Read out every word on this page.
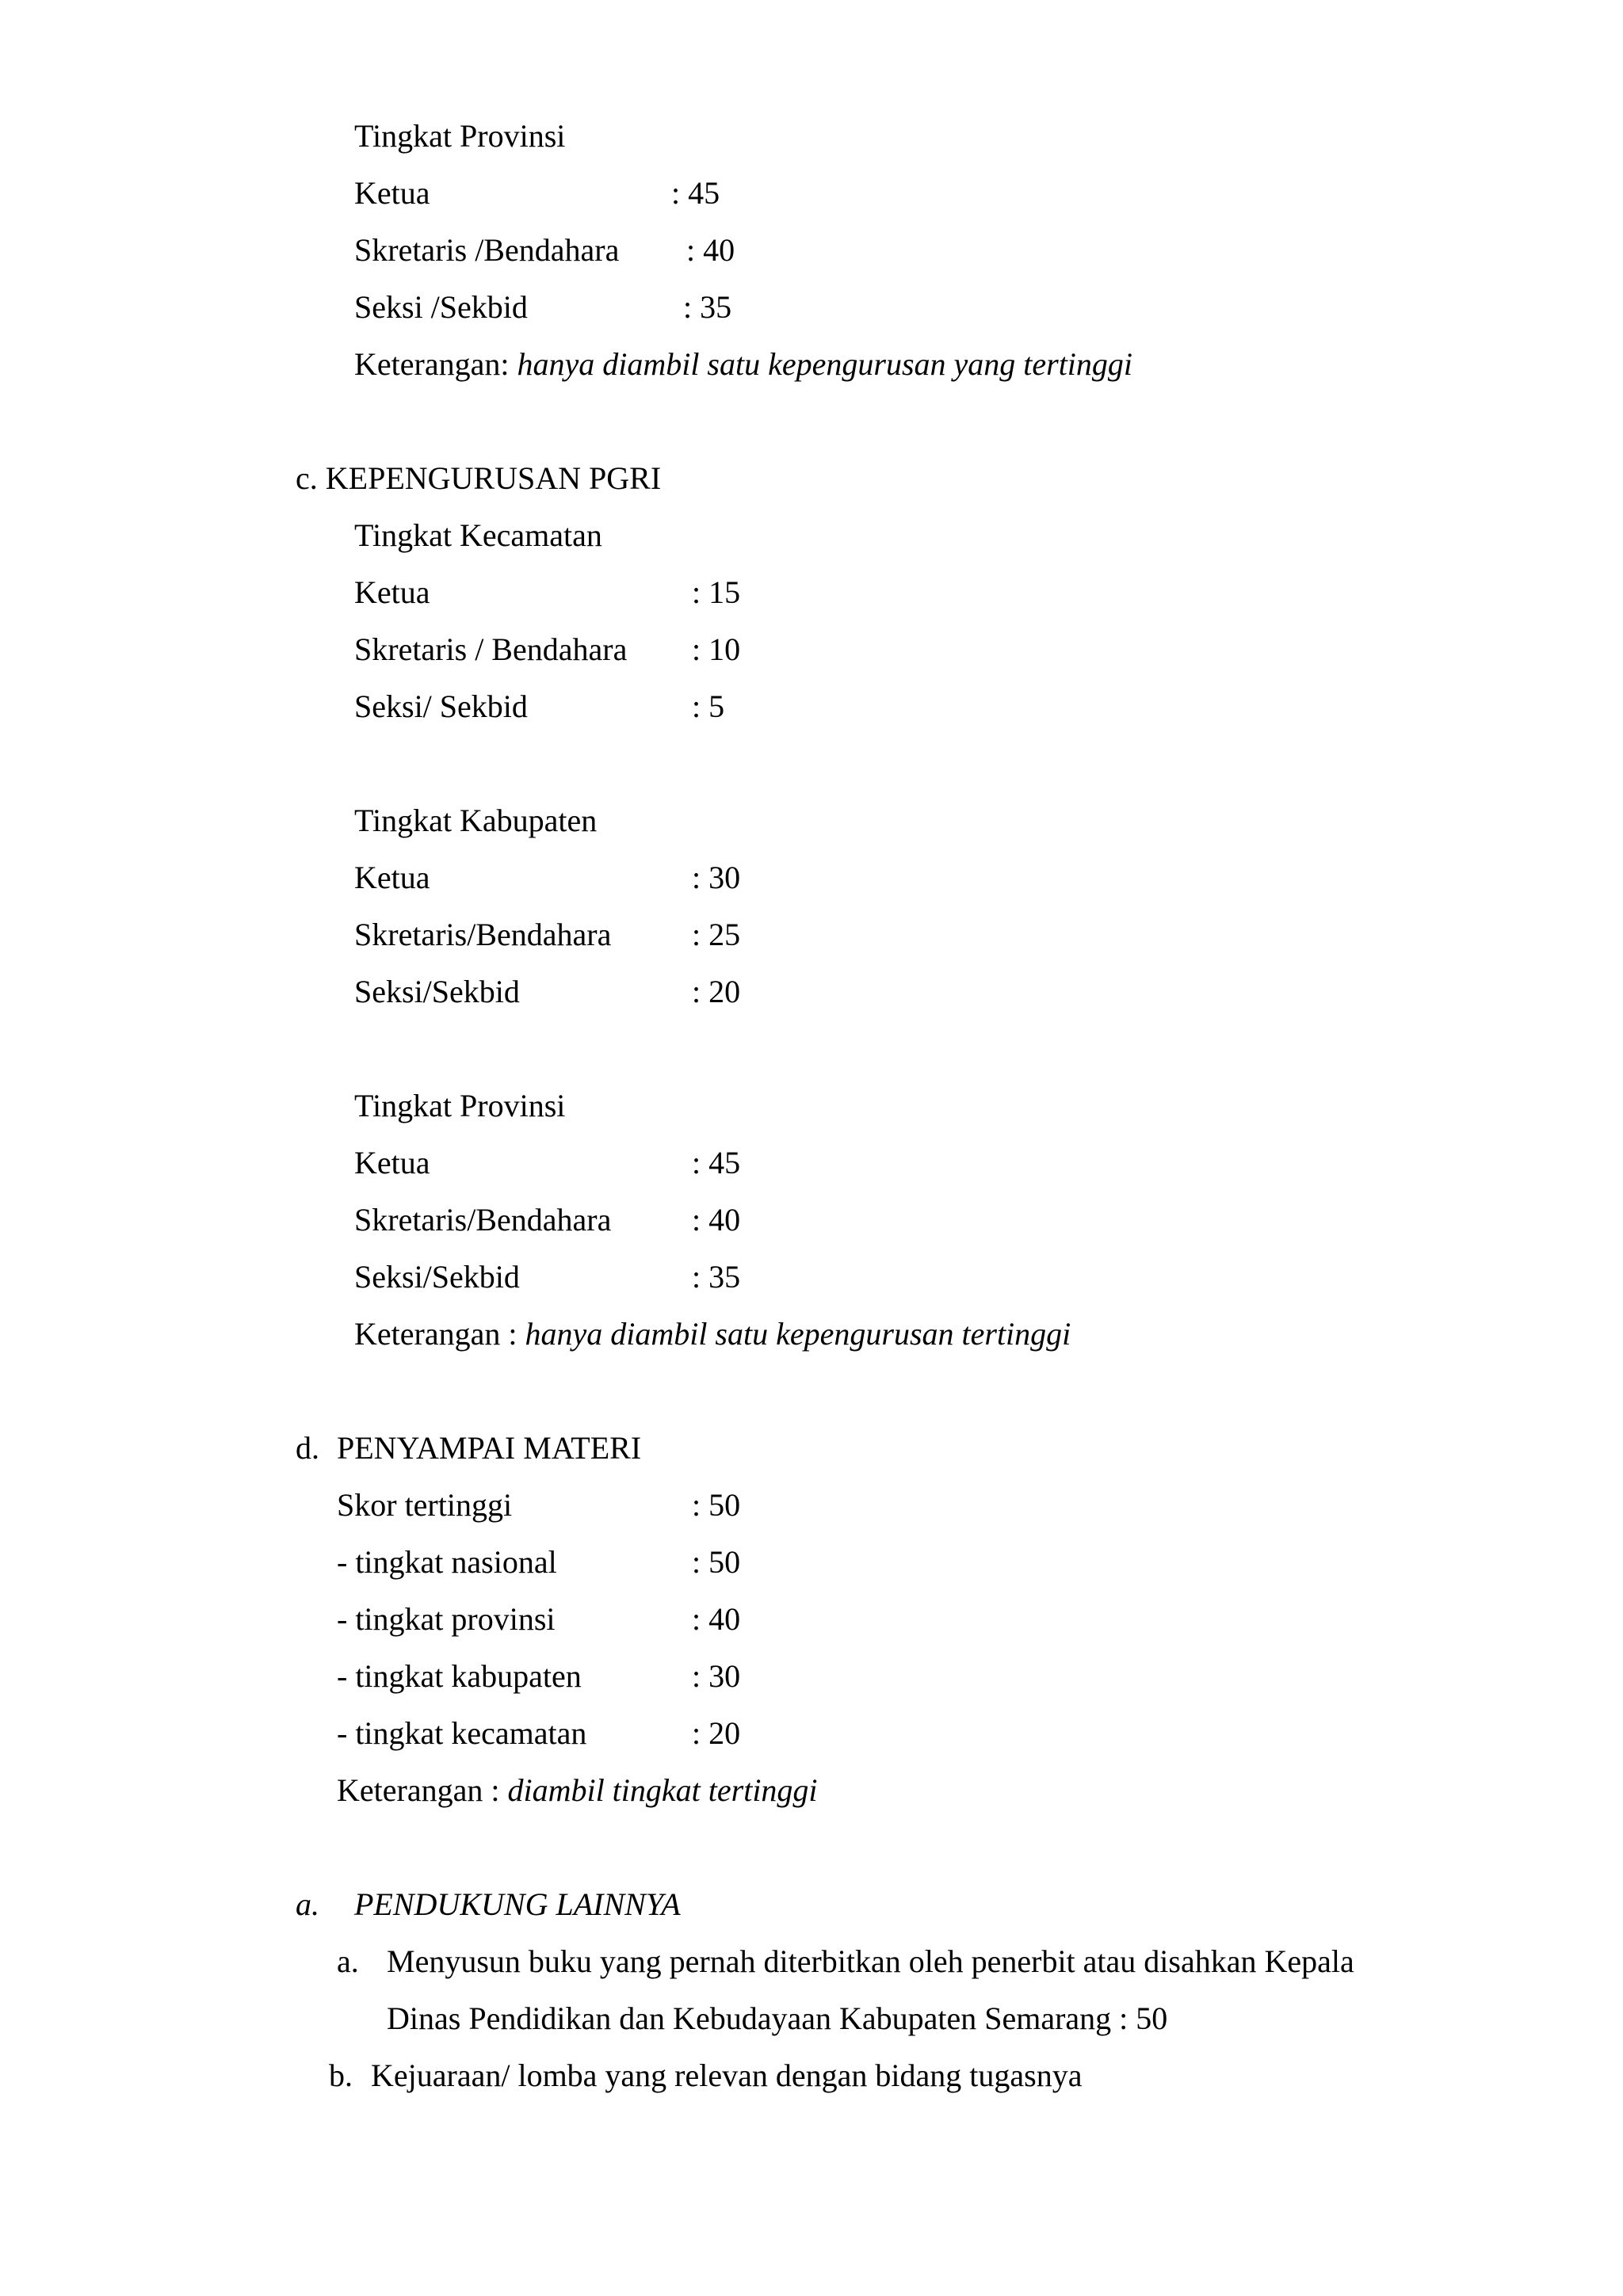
Tingkat Provinsi
Ketua	: 45
Skretaris /Bendahara : 40
Seksi /Sekbid	: 35
Keterangan: hanya diambil satu kepengurusan yang tertinggi
c. KEPENGURUSAN PGRI
Tingkat Kecamatan
Ketua	: 15
Skretaris / Bendahara : 10
Seksi/ Sekbid	: 5
Tingkat Kabupaten
Ketua	: 30
Skretaris/Bendahara	: 25
Seksi/Sekbid	: 20
Tingkat Provinsi
Ketua	: 45
Skretaris/Bendahara	: 40
Seksi/Sekbid	: 35
Keterangan : hanya diambil satu kepengurusan tertinggi
d. PENYAMPAI MATERI
Skor tertinggi	: 50
- tingkat nasional	: 50
- tingkat provinsi	: 40
- tingkat kabupaten	: 30
- tingkat kecamatan	: 20
Keterangan : diambil tingkat tertinggi
a. PENDUKUNG LAINNYA
a. Menyusun buku yang pernah diterbitkan oleh penerbit atau disahkan Kepala
Dinas Pendidikan dan Kebudayaan Kabupaten Semarang : 50
b. Kejuaraan/ lomba yang relevan dengan bidang tugasnya
